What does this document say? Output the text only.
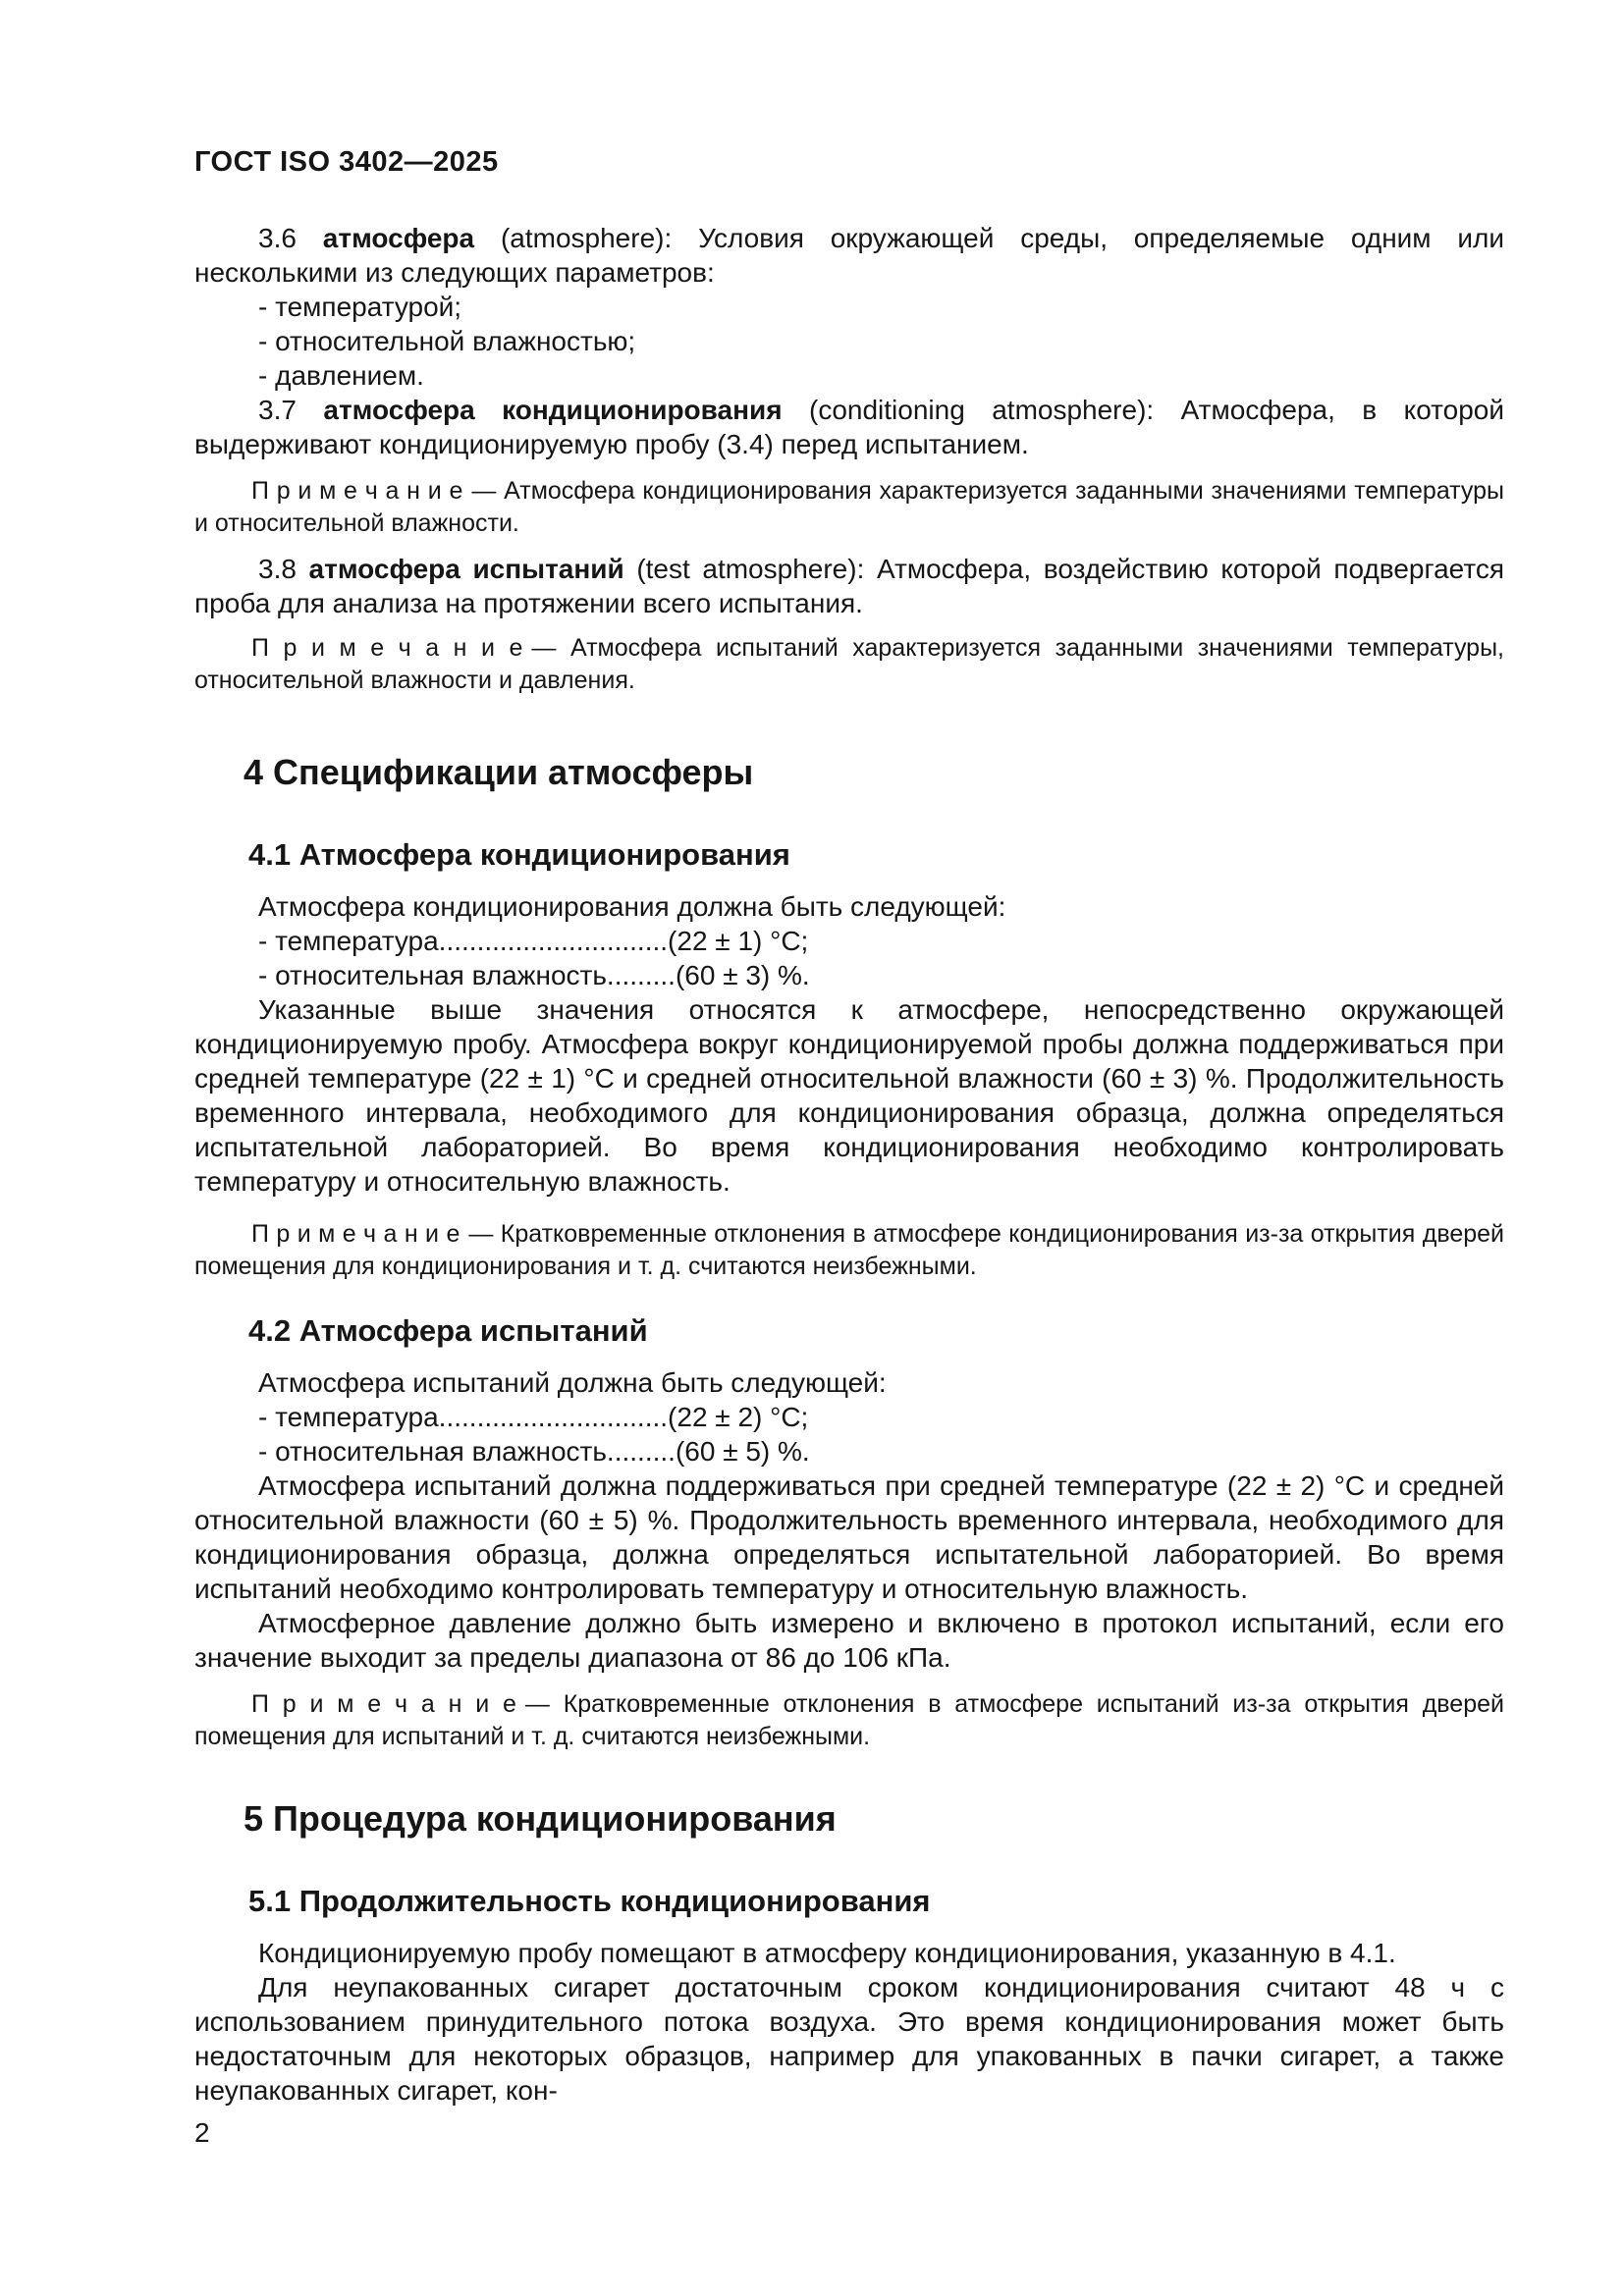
ГОСТ ISO 3402—2025

3.6 атмосфера (atmosphere): Условия окружающей среды, определяемые одним или несколькими из следующих параметров:

- температурой;
- относительной влажностью;
- давлением.

3.7 атмосфера кондиционирования (conditioning atmosphere): Атмосфера, в которой выдерживают кондиционируемую пробу (3.4) перед испытанием.

П р и м е ч а н и е — Атмосфера кондиционирования характеризуется заданными значениями температуры и относительной влажности.

3.8 атмосфера испытаний (test atmosphere): Атмосфера, воздействию которой подвергается проба для анализа на протяжении всего испытания.

П р и м е ч а н и е — Атмосфера испытаний характеризуется заданными значениями температуры, относительной влажности и давления.

4 Спецификации атмосферы
4.1 Атмосфера кондиционирования

Атмосфера кондиционирования должна быть следующей:

- температура..............................(22 ± 1) °С;
- относительная влажность.........(60 ± 3) %.

Указанные выше значения относятся к атмосфере, непосредственно окружающей кондиционируемую пробу. Атмосфера вокруг кондиционируемой пробы должна поддерживаться при средней температуре (22 ± 1) °С и средней относительной влажности (60 ± 3) %. Продолжительность временного интервала, необходимого для кондиционирования образца, должна определяться испытательной лабораторией. Во время кондиционирования необходимо контролировать температуру и относительную влажность.

П р и м е ч а н и е — Кратковременные отклонения в атмосфере кондиционирования из-за открытия дверей помещения для кондиционирования и т. д. считаются неизбежными.

4.2 Атмосфера испытаний

Атмосфера испытаний должна быть следующей:

- температура..............................(22 ± 2) °С;
- относительная влажность.........(60 ± 5) %.

Атмосфера испытаний должна поддерживаться при средней температуре (22 ± 2) °С и средней относительной влажности (60 ± 5) %. Продолжительность временного интервала, необходимого для кондиционирования образца, должна определяться испытательной лабораторией. Во время испытаний необходимо контролировать температуру и относительную влажность.

Атмосферное давление должно быть измерено и включено в протокол испытаний, если его значение выходит за пределы диапазона от 86 до 106 кПа.

П р и м е ч а н и е — Кратковременные отклонения в атмосфере испытаний из-за открытия дверей помещения для испытаний и т. д. считаются неизбежными.

5 Процедура кондиционирования
5.1 Продолжительность кондиционирования

Кондиционируемую пробу помещают в атмосферу кондиционирования, указанную в 4.1.

Для неупакованных сигарет достаточным сроком кондиционирования считают 48 ч с использованием принудительного потока воздуха. Это время кондиционирования может быть недостаточным для некоторых образцов, например для упакованных в пачки сигарет, а также неупакованных сигарет, кон-

2
